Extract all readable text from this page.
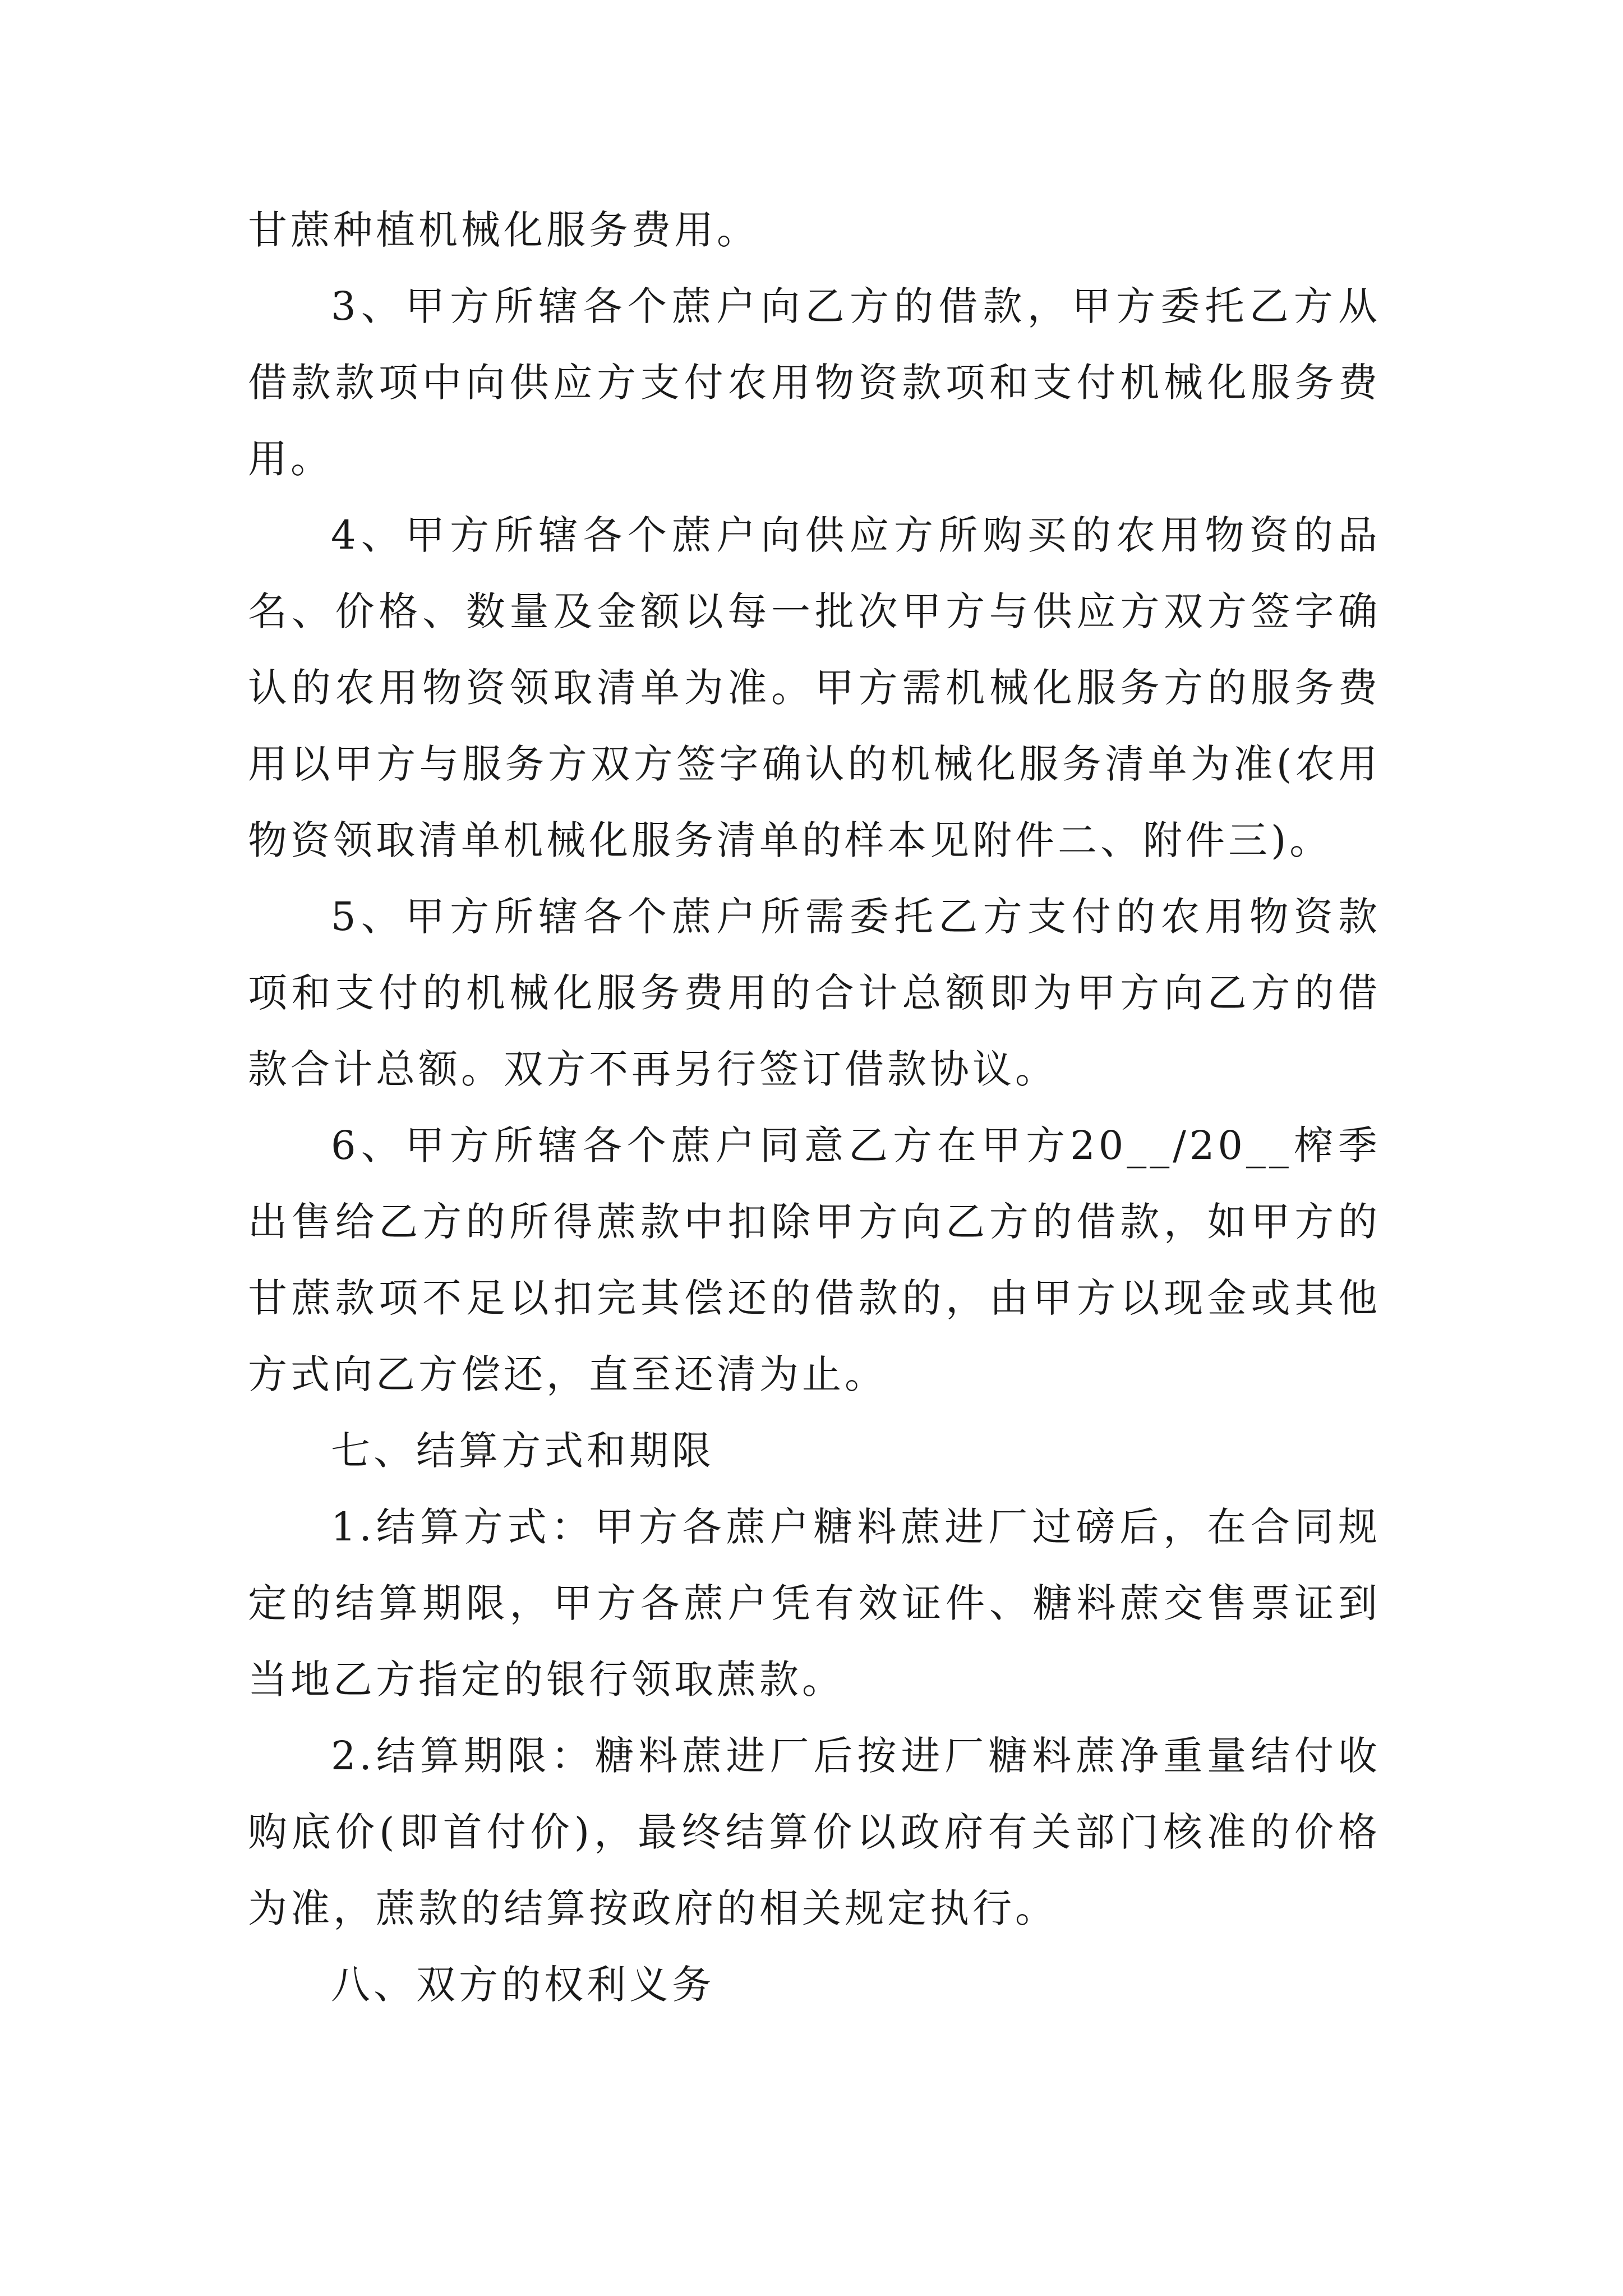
甘蔗种植机械化服务费用。

3、甲方所辖各个蔗户向乙方的借款，甲方委托乙方从借款款项中向供应方支付农用物资款项和支付机械化服务费用。

4、甲方所辖各个蔗户向供应方所购买的农用物资的品名、价格、数量及金额以每一批次甲方与供应方双方签字确认的农用物资领取清单为准。甲方需机械化服务方的服务费用以甲方与服务方双方签字确认的机械化服务清单为准(农用物资领取清单机械化服务清单的样本见附件二、附件三)。

5、甲方所辖各个蔗户所需委托乙方支付的农用物资款项和支付的机械化服务费用的合计总额即为甲方向乙方的借款合计总额。双方不再另行签订借款协议。

6、甲方所辖各个蔗户同意乙方在甲方20__/20__榨季出售给乙方的所得蔗款中扣除甲方向乙方的借款，如甲方的甘蔗款项不足以扣完其偿还的借款的，由甲方以现金或其他方式向乙方偿还，直至还清为止。

七、结算方式和期限

1.结算方式：甲方各蔗户糖料蔗进厂过磅后，在合同规定的结算期限，甲方各蔗户凭有效证件、糖料蔗交售票证到当地乙方指定的银行领取蔗款。

2.结算期限：糖料蔗进厂后按进厂糖料蔗净重量结付收购底价(即首付价)，最终结算价以政府有关部门核准的价格为准，蔗款的结算按政府的相关规定执行。

八、双方的权利义务
